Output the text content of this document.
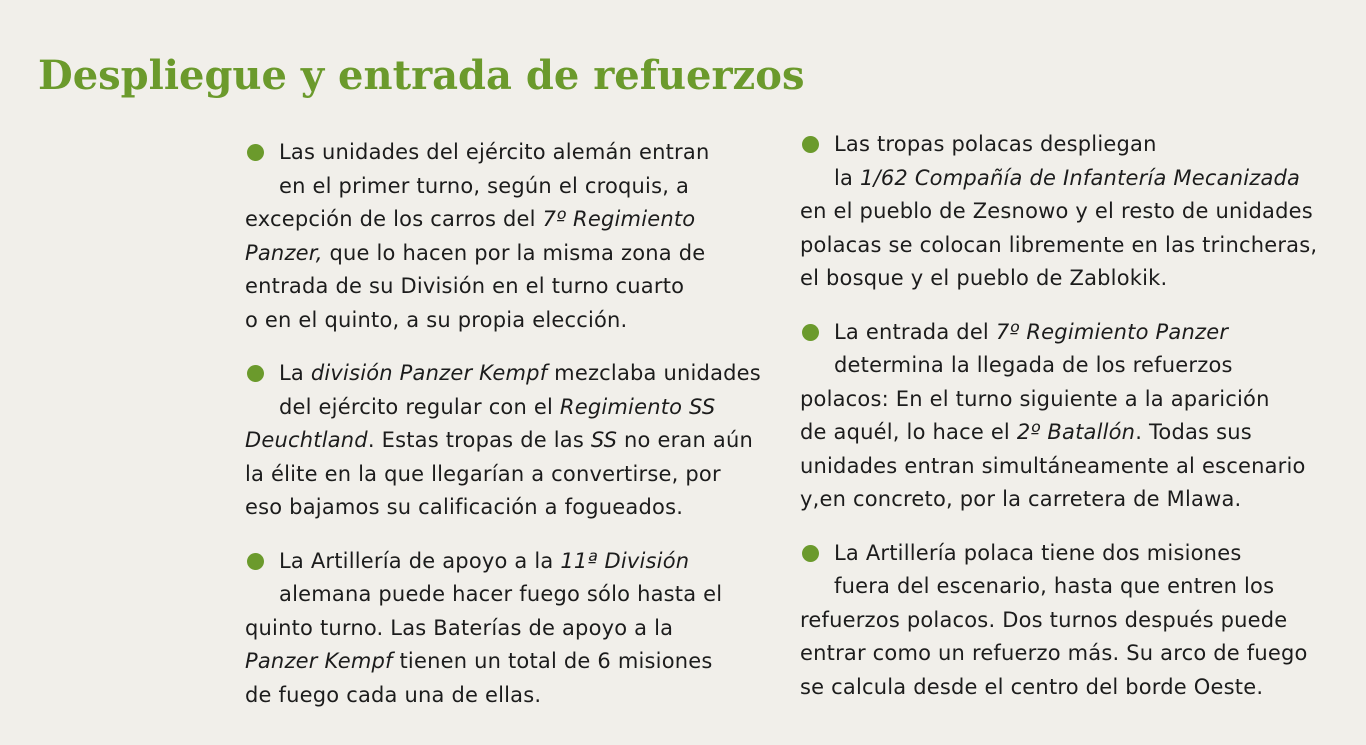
Despliegue y entrada de refuerzos
Las unidades del ejército alemán entran
en el primer turno, según el croquis, a
excepción de los carros del 7º Regimiento
Panzer, que lo hacen por la misma zona de
entrada de su División en el turno cuarto
o en el quinto, a su propia elección.
La división Panzer Kempf mezclaba unidades
del ejército regular con el Regimiento SS
Deuchtland. Estas tropas de las SS no eran aún
la élite en la que llegarían a convertirse, por
eso bajamos su calificación a fogueados.
La Artillería de apoyo a la 11ª División
alemana puede hacer fuego sólo hasta el
quinto turno. Las Baterías de apoyo a la
Panzer Kempf tienen un total de 6 misiones
de fuego cada una de ellas.
Las tropas polacas despliegan
la 1/62 Compañía de Infantería Mecanizada
en el pueblo de Zesnowo y el resto de unidades
polacas se colocan libremente en las trincheras,
el bosque y el pueblo de Zablokik.
La entrada del 7º Regimiento Panzer
determina la llegada de los refuerzos
polacos: En el turno siguiente a la aparición
de aquél, lo hace el 2º Batallón. Todas sus
unidades entran simultáneamente al escenario
y,en concreto, por la carretera de Mlawa.
La Artillería polaca tiene dos misiones
fuera del escenario, hasta que entren los
refuerzos polacos. Dos turnos después puede
entrar como un refuerzo más. Su arco de fuego
se calcula desde el centro del borde Oeste.
